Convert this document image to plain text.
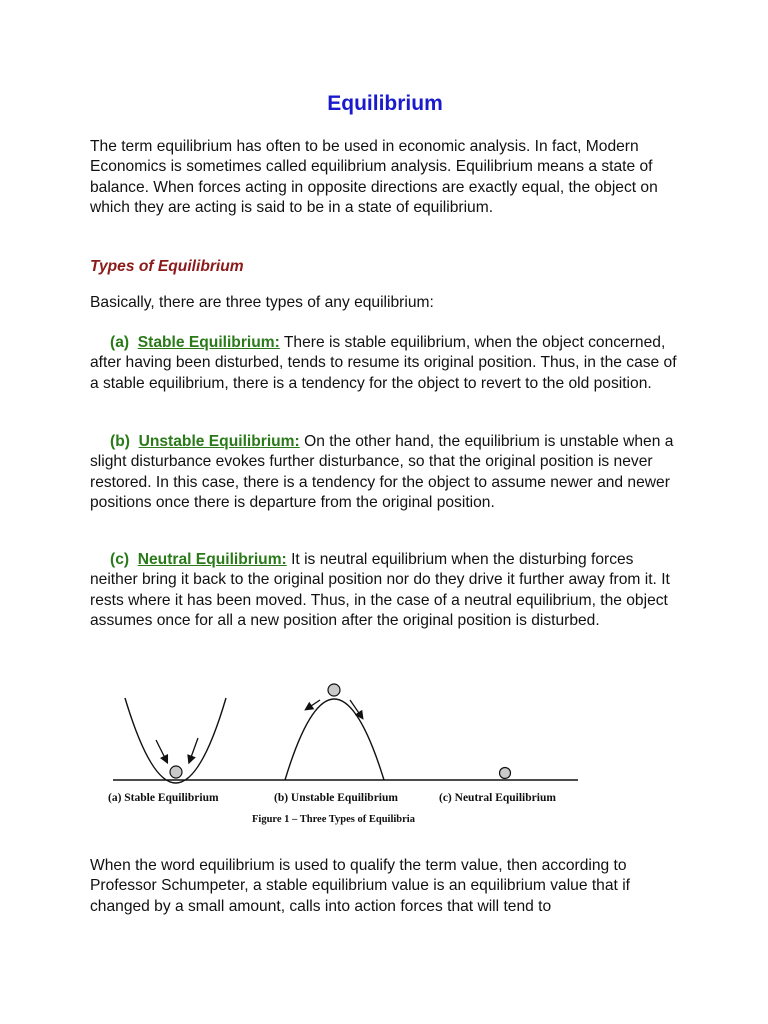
Equilibrium

The term equilibrium has often to be used in economic analysis. In fact, Modern Economics is sometimes called equilibrium analysis. Equilibrium means a state of balance. When forces acting in opposite directions are exactly equal, the object on which they are acting is said to be in a state of equilibrium.

Types of Equilibrium

Basically, there are three types of any equilibrium:

(a) Stable Equilibrium: There is stable equilibrium, when the object concerned, after having been disturbed, tends to resume its original position. Thus, in the case of a stable equilibrium, there is a tendency for the object to revert to the old position.

(b) Unstable Equilibrium: On the other hand, the equilibrium is unstable when a slight disturbance evokes further disturbance, so that the original position is never restored. In this case, there is a tendency for the object to assume newer and newer positions once there is departure from the original position.

(c) Neutral Equilibrium: It is neutral equilibrium when the disturbing forces neither bring it back to the original position nor do they drive it further away from it. It rests where it has been moved. Thus, in the case of a neutral equilibrium, the object assumes once for all a new position after the original position is disturbed.

When the word equilibrium is used to qualify the term value, then according to Professor Schumpeter, a stable equilibrium value is an equilibrium value that if changed by a small amount, calls into action forces that will tend to

(a) Stable Equilibrium	(b) Unstable Equilibrium	(c) Neutral Equilibrium
Figure 1 – Three Types of Equilibria
